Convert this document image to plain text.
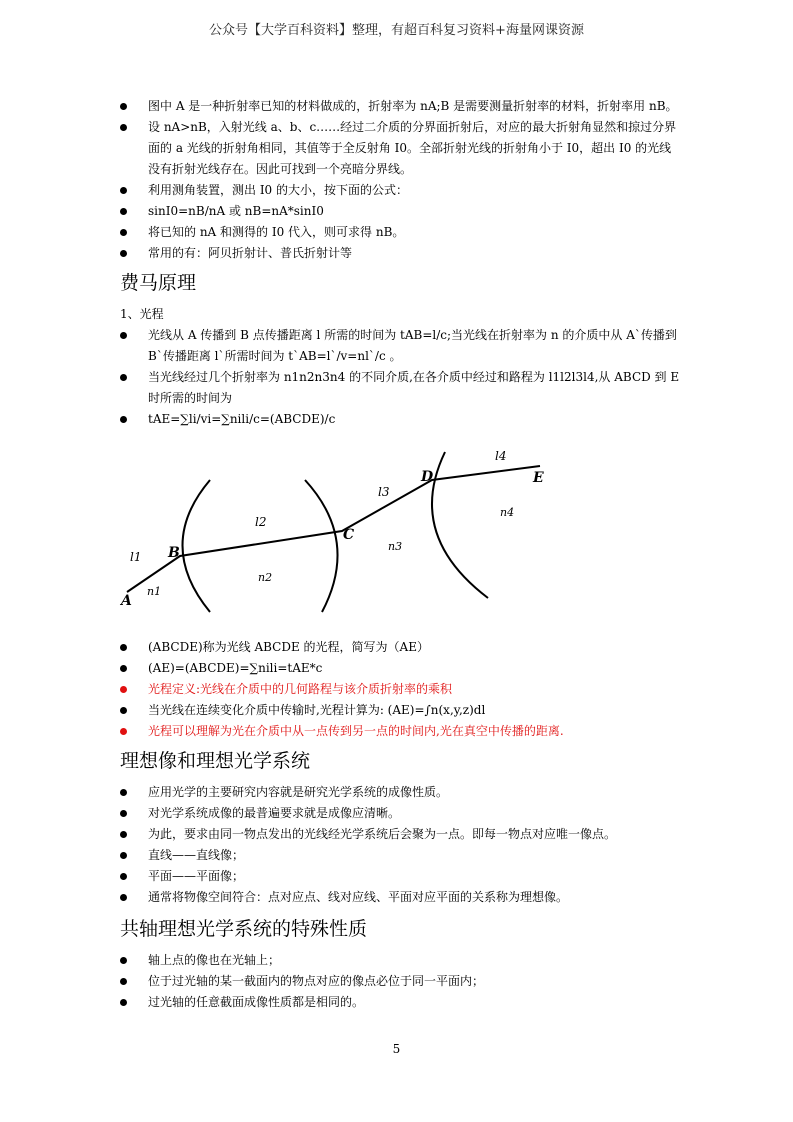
公众号【大学百科资料】整理，有超百科复习资料+海量网课资源
图中 A 是一种折射率已知的材料做成的，折射率为 nA;B 是需要测量折射率的材料，折射率用 nB。
设 nA>nB，入射光线 a、b、c……经过二介质的分界面折射后，对应的最大折射角显然和掠过分界面的 a 光线的折射角相同，其值等于全反射角 I0。全部折射光线的折射角小于 I0，超出 I0 的光线没有折射光线存在。因此可找到一个亮暗分界线。
利用测角装置，测出 I0 的大小，按下面的公式：
sinI0=nB/nA 或 nB=nA*sinI0
将已知的 nA 和测得的 I0 代入，则可求得 nB。
常用的有：阿贝折射计、普氏折射计等
费马原理
1、光程
光线从 A 传播到 B 点传播距离 l 所需的时间为 tAB=l/c;当光线在折射率为 n 的介质中从 A`传播到 B`传播距离 l`所需时间为 t`AB=l`/v=nl`/c 。
当光线经过几个折射率为 n1n2n3n4 的不同介质,在各介质中经过和路程为 l1l2l3l4,从 ABCD 到 E 时所需的时间为
tAE=∑li/vi=∑nili/c=(ABCDE)/c
A
B
C
D	E
l1
l2
l3
l4
n1
n2
n3
n4
(ABCDE)称为光线 ABCDE 的光程，简写为（AE）
(AE)=(ABCDE)=∑nili=tAE*c
光程定义:光线在介质中的几何路程与该介质折射率的乘积
当光线在连续变化介质中传输时,光程计算为: (AE)=∫n(x,y,z)dl
光程可以理解为光在介质中从一点传到另一点的时间内,光在真空中传播的距离.
理想像和理想光学系统
应用光学的主要研究内容就是研究光学系统的成像性质。
对光学系统成像的最普遍要求就是成像应清晰。
为此，要求由同一物点发出的光线经光学系统后会聚为一点。即每一物点对应唯一像点。
直线——直线像；
平面——平面像；
通常将物像空间符合：点对应点、线对应线、平面对应平面的关系称为理想像。
共轴理想光学系统的特殊性质
轴上点的像也在光轴上；
位于过光轴的某一截面内的物点对应的像点必位于同一平面内；
过光轴的任意截面成像性质都是相同的。
5
